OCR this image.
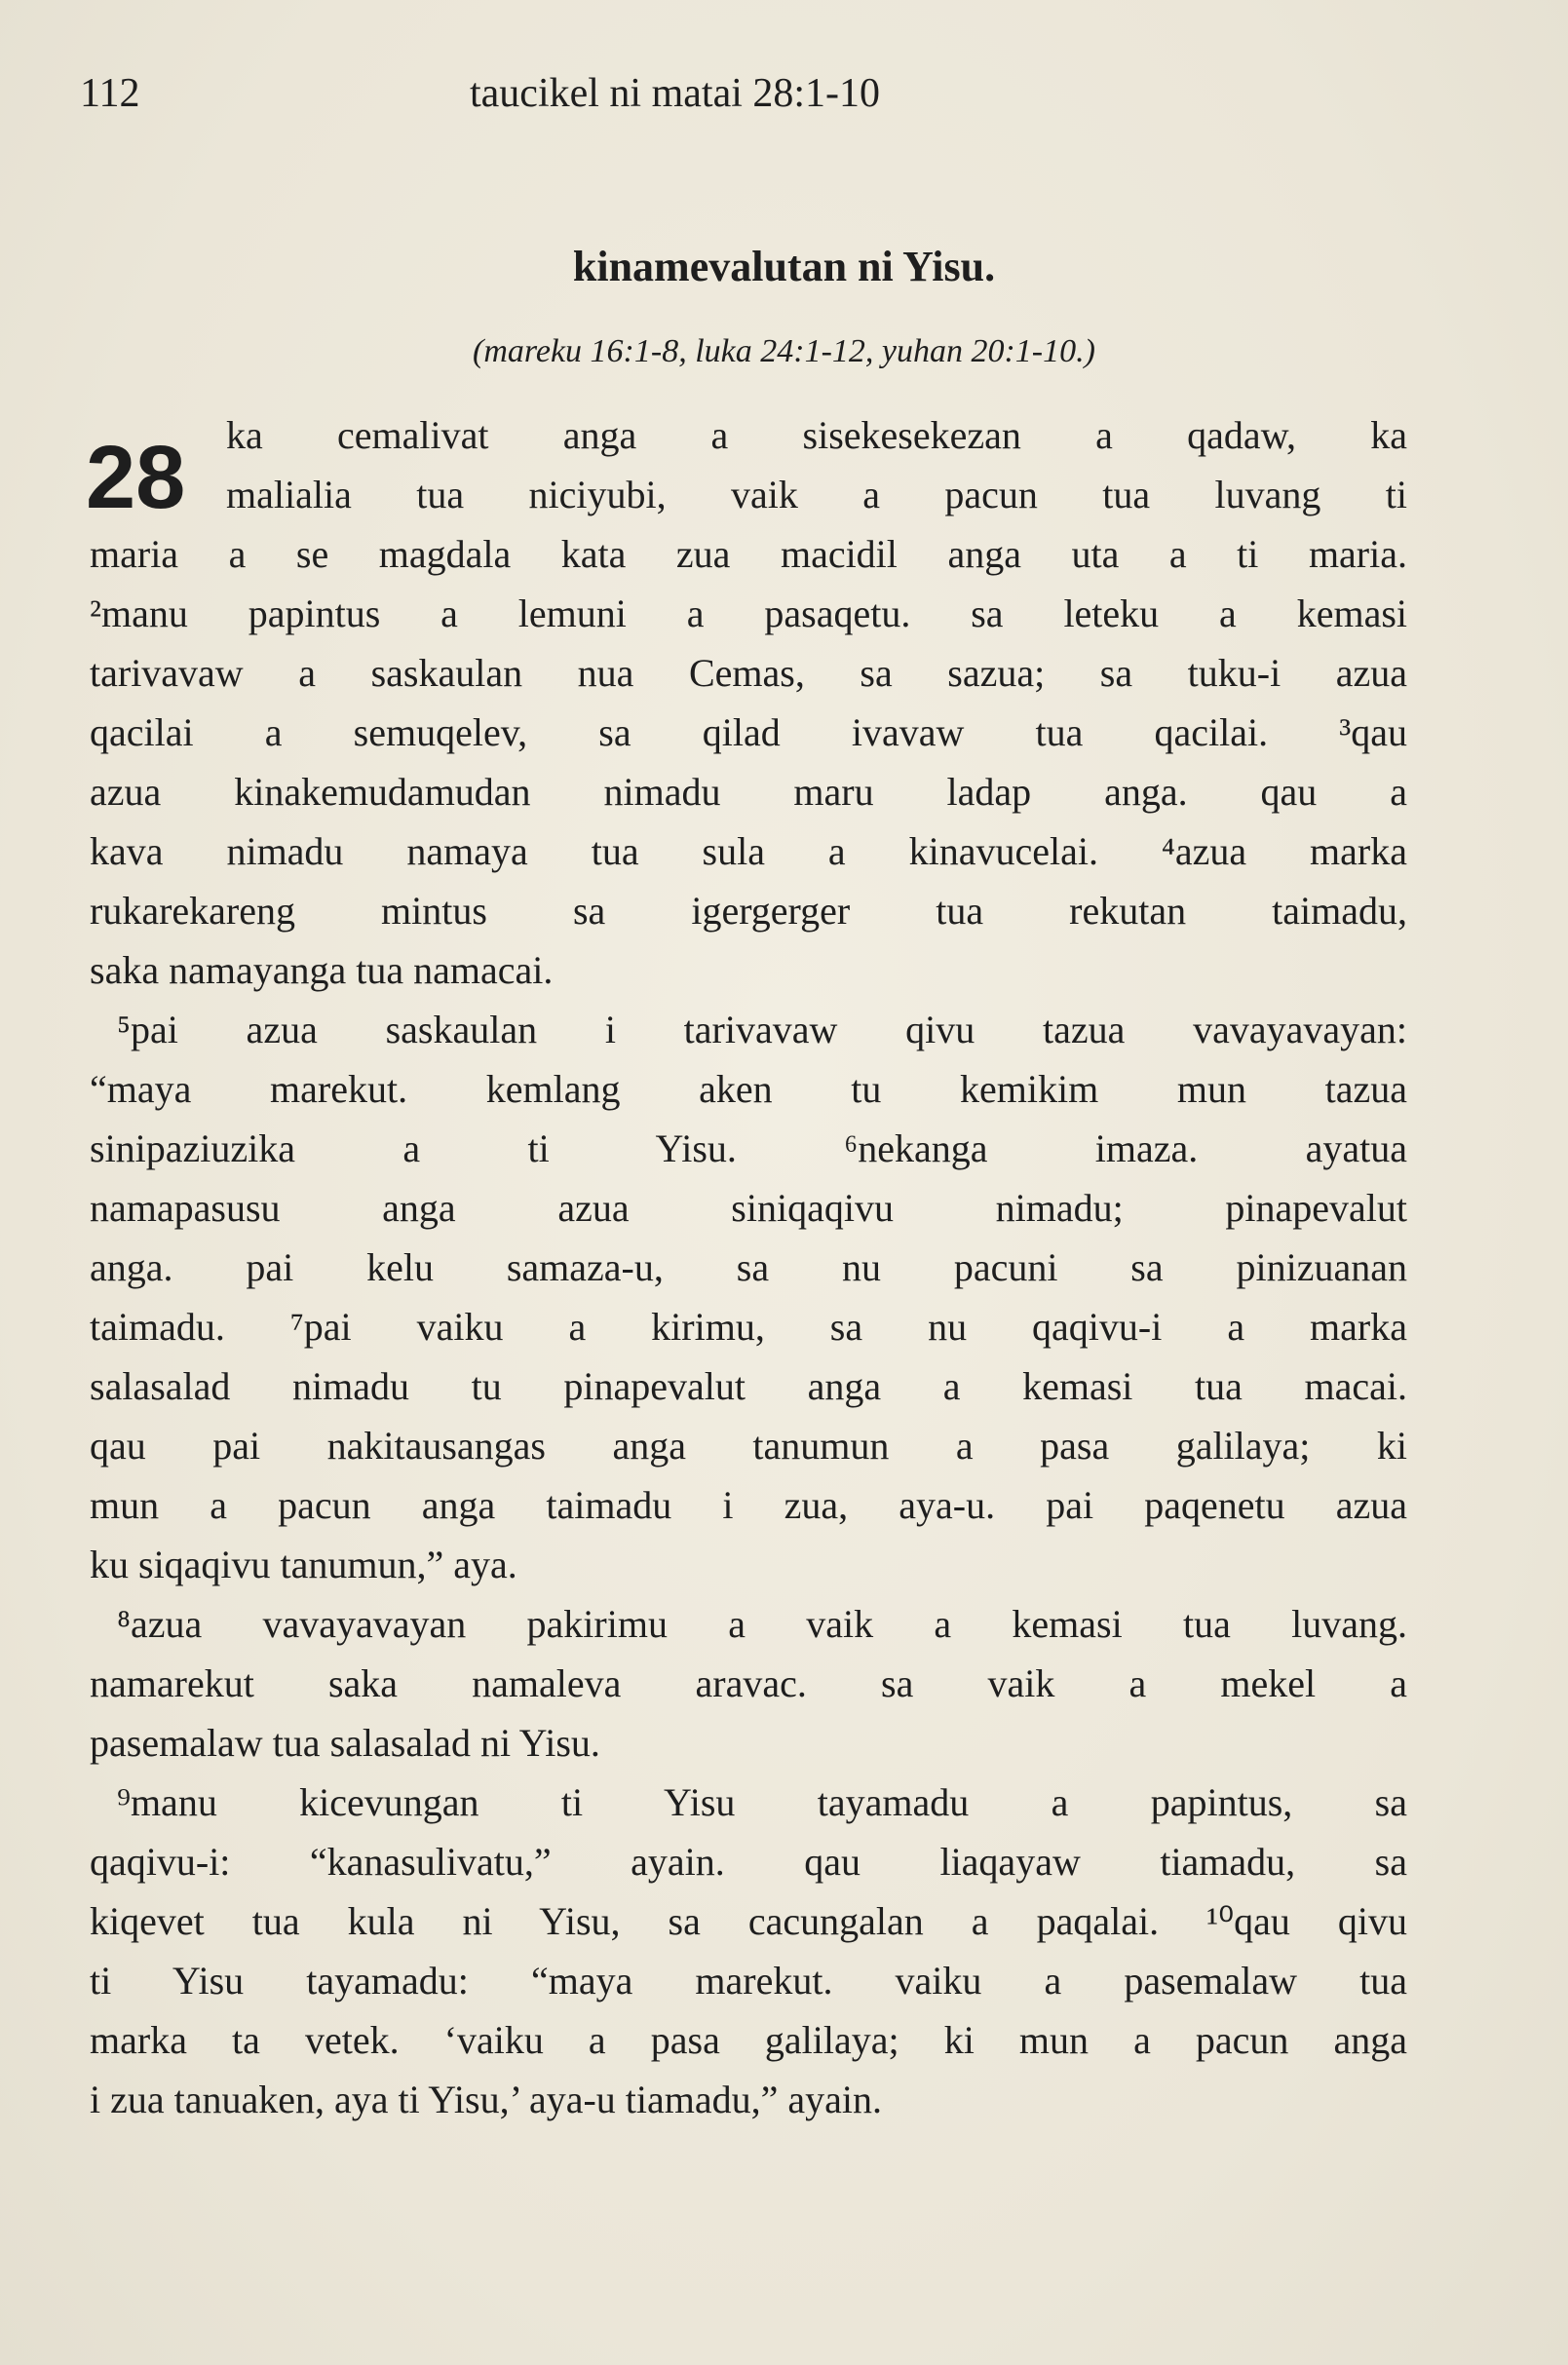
112	taucikel ni matai 28:1-10
kinamevalutan ni Yisu.
(mareku 16:1-8, luka 24:1-12, yuhan 20:1-10.)
28 ka cemalivat anga a sisekesekezan a qadaw, ka
malialia tua niciyubi, vaik a pacun tua luvang ti
maria a se magdala kata zua macidil anga uta a ti maria.
²manu papintus a lemuni a pasaqetu. sa leteku a kemasi
tarivavaw a saskaulan nua Cemas, sa sazua; sa tuku-i azua
qacilai a semuqelev, sa qilad ivavaw tua qacilai. ³qau
azua kinakemudamudan nimadu maru ladap anga. qau a
kava nimadu namaya tua sula a kinavucelai. ⁴azua marka
rukarekareng mintus sa igergerger tua rekutan taimadu,
saka namayanga tua namacai.
⁵pai azua saskaulan i tarivavaw qivu tazua vavayavayan:
“maya marekut. kemlang aken tu kemikim mun tazua
sinipaziuzika a ti Yisu. ⁶nekanga imaza. ayatua
namapasusu anga azua siniqaqivu nimadu; pinapevalut
anga. pai kelu samaza-u, sa nu pacuni sa pinizuanan
taimadu. ⁷pai vaiku a kirimu, sa nu qaqivu-i a marka
salasalad nimadu tu pinapevalut anga a kemasi tua macai.
qau pai nakitausangas anga tanumun a pasa galilaya; ki
mun a pacun anga taimadu i zua, aya-u. pai paqenetu azua
ku siqaqivu tanumun,” aya.
⁸azua vavayavayan pakirimu a vaik a kemasi tua luvang.
namarekut saka namaleva aravac. sa vaik a mekel a
pasemalaw tua salasalad ni Yisu.
⁹manu kicevungan ti Yisu tayamadu a papintus, sa
qaqivu-i: “kanasulivatu,” ayain. qau liaqayaw tiamadu, sa
kiqevet tua kula ni Yisu, sa cacungalan a paqalai. ¹⁰qau qivu
ti Yisu tayamadu: “maya marekut. vaiku a pasemalaw tua
marka ta vetek. ‘vaiku a pasa galilaya; ki mun a pacun anga
i zua tanuaken, aya ti Yisu,’ aya-u tiamadu,” ayain.
